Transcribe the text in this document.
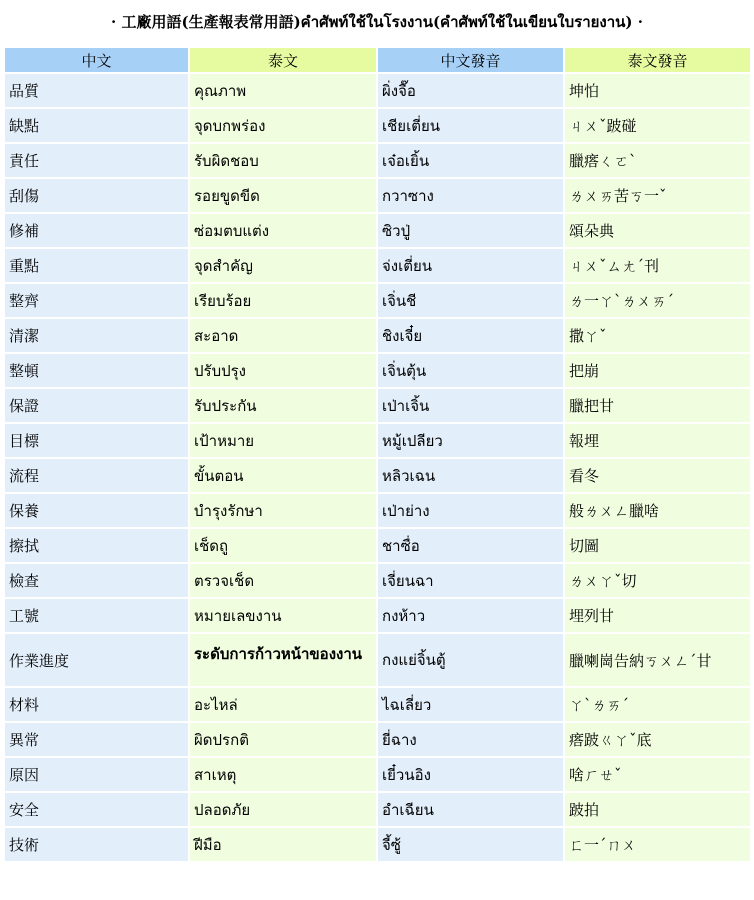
· 工廠用語(生產報表常用語)คำศัพท์ใช้ในโรงงาน(คำศัพท์ใช้ในเขียนใบรายงาน) ·
中文	泰文	中文發音	泰文發音
品質	คุณภาพ	ผิ่งจื๊อ	坤怕
缺點	จุดบกพร่อง	เชียเตี่ยน	ㄐㄨˇ跛碰
責任	รับผิดชอบ	เจ๋อเยิ้น	臘瘩ㄑㄛˋ
刮傷	รอยขูดขีด	กวาซาง	ㄌㄨㄞ苦ㄎ一ˇ
修補	ซ่อมตบแต่ง	ซิวปู่	頌朵典
重點	จุดสำคัญ	จ่งเตี่ยน	ㄐㄨˇㄙㄤˊ刊
整齊	เรียบร้อย	เจิ่นชี	ㄌ一ㄚˋㄌㄨㄞˊ
清潔	สะอาด	ชิงเจี๋ย	撒ㄚˇ
整頓	ปรับปรุง	เจิ่นตุ้น	把崩
保證	รับประกัน	เป่าเจิ้น	臘把甘
目標	เป้าหมาย	หมู้เปลียว	報埋
流程	ขั้นตอน	หลิวเฉน	看冬
保養	บำรุงรักษา	เป่าย่าง	般ㄌㄨㄥ臘啥
擦拭	เช็ดถู	ชาซื่อ	切圖
檢查	ตรวจเช็ด	เจี่ยนฉา	ㄌㄨㄚˇ切
工號	หมายเลขงาน	กงห้าว	埋列甘
作業進度	ระดับการก้าวหน้าของงาน	กงแย่จิ้นตู้	臘喇崗告納ㄎㄨㄥˊ甘
材料	อะไหล่	ไฉเลี่ยว	ㄚˋㄌㄞˊ
異常	ผิดปรกติ	ยี่ฉาง	瘩跛ㄍㄚˇ底
原因	สาเหตุ	เยี๋วนอิง	啥ㄏㄝˇ
安全	ปลอดภัย	อำเฉียน	跛拍
技術	ฝีมือ	จี้ซู้	ㄈ一ˊㄇㄨ
